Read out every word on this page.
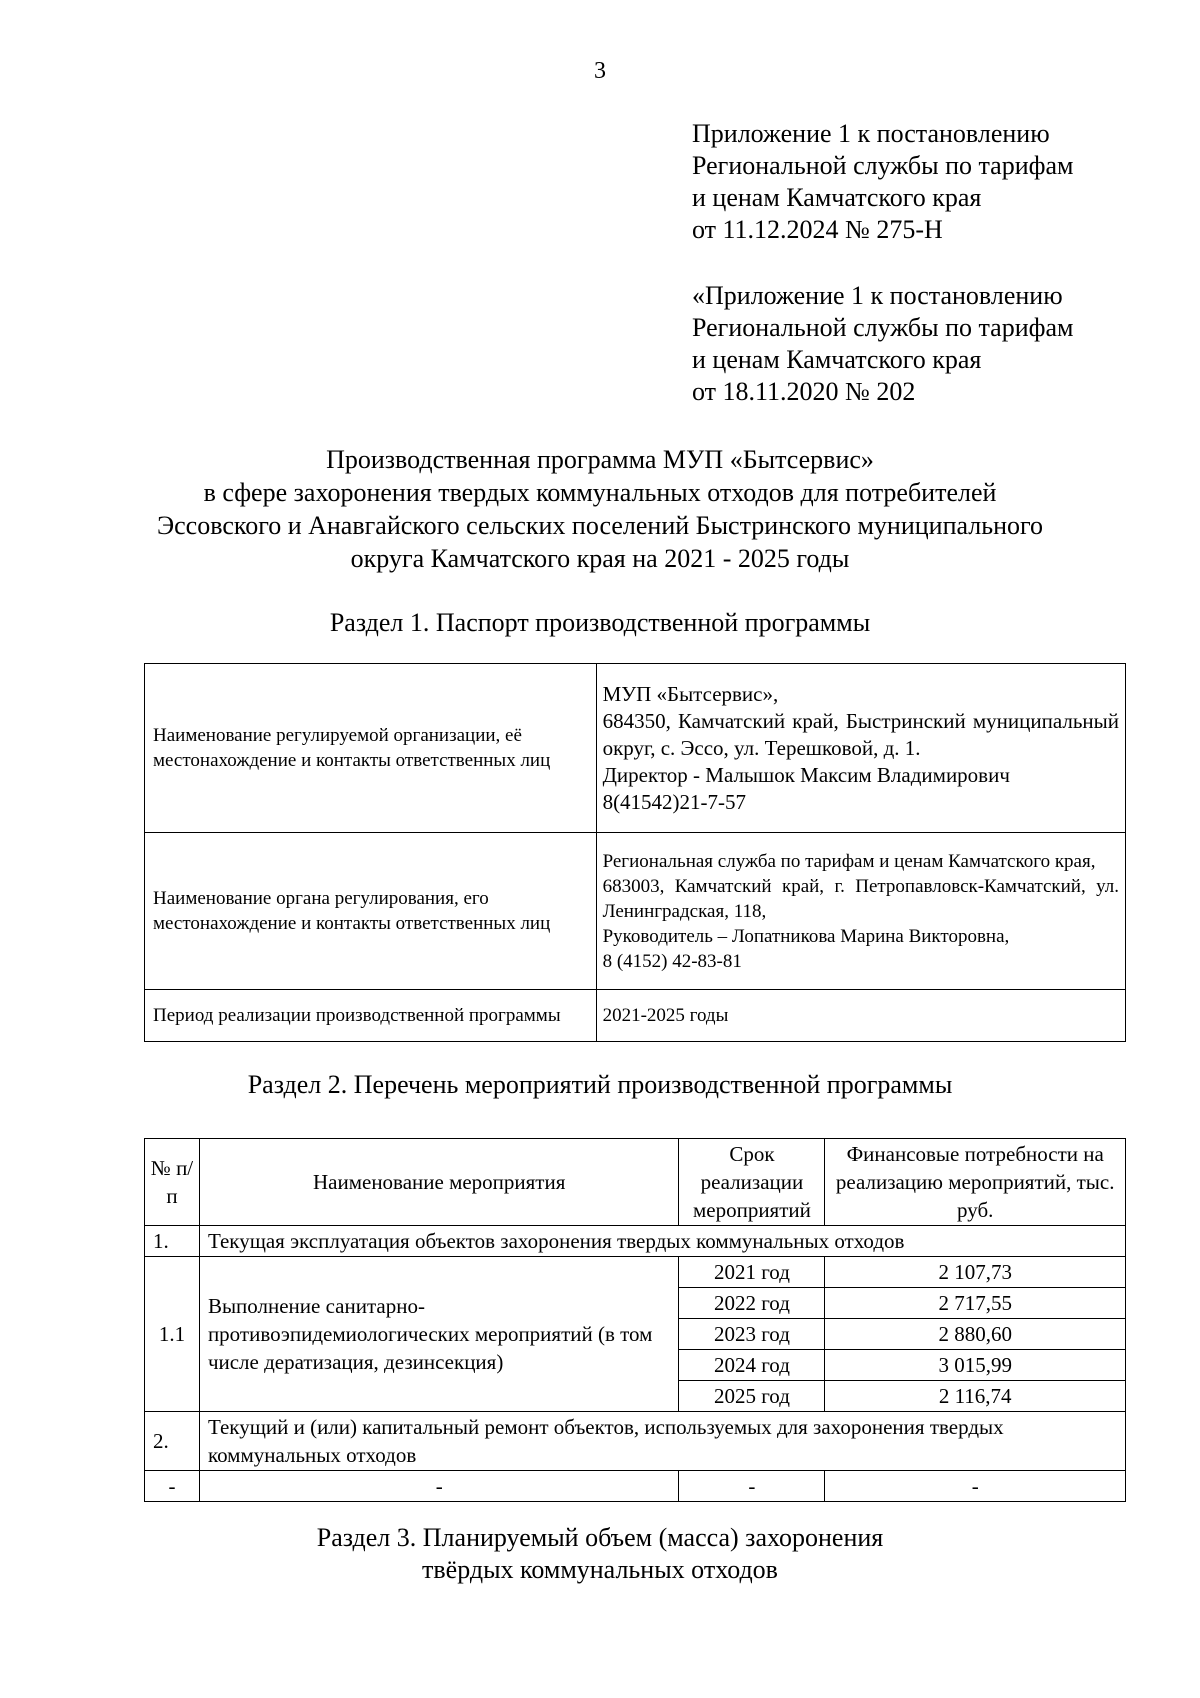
3
Приложение 1 к постановлению
Региональной службы по тарифам
и ценам Камчатского края
от 11.12.2024 № 275-Н
«Приложение 1 к постановлению
Региональной службы по тарифам
и ценам Камчатского края
от 18.11.2020 № 202
Производственная программа МУП «Бытсервис»
в сфере захоронения твердых коммунальных отходов для потребителей
Эссовского и Анавгайского сельских поселений Быстринского муниципального
округа Камчатского края на 2021 - 2025 годы
Раздел 1. Паспорт производственной программы
Наименование регулируемой организации, её местонахождение и контакты ответственных лиц	МУП «Бытсервис»,
684350, Камчатский край, Быстринский муниципальный округ, с. Эссо, ул. Терешковой, д. 1.
Директор - Малышок Максим Владимирович
8(41542)21-7-57

Наименование органа регулирования, его местонахождение и контакты ответственных лиц	Региональная служба по тарифам и ценам Камчатского края,
683003, Камчатский край, г. Петропавловск-Камчатский, ул. Ленинградская, 118,
Руководитель – Лопатникова Марина Викторовна,
8 (4152) 42-83-81

Период реализации производственной программы	2021-2025 годы
Раздел 2. Перечень мероприятий производственной программы
№ п/п	Наименование мероприятия	Срок реализации мероприятий	Финансовые потребности на реализацию мероприятий, тыс. руб.
1.	Текущая эксплуатация объектов захоронения твердых коммунальных отходов		
1.1	Выполнение санитарно-противоэпидемиологических мероприятий (в том числе дератизация, дезинсекция)	2021 год	2 107,73
		2022 год	2 717,55
		2023 год	2 880,60
		2024 год	3 015,99
		2025 год	2 116,74
2.	Текущий и (или) капитальный ремонт объектов, используемых для захоронения твердых коммунальных отходов		
-	-	-	-
Раздел 3. Планируемый объем (масса) захоронения
твёрдых коммунальных отходов
